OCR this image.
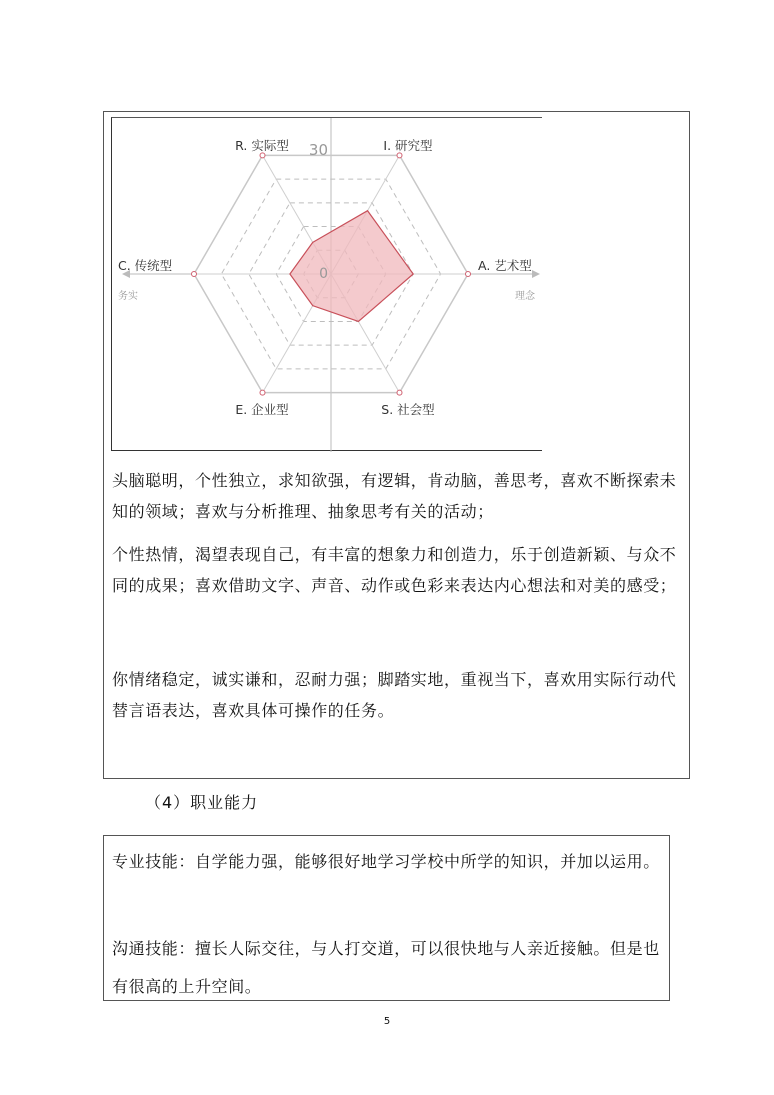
30
0
R. 实际型	I. 研究型
A. 艺术型
S. 社会型
E. 企业型
C. 传统型
务实	理念
头脑聪明，个性独立，求知欲强，有逻辑，肯动脑，善思考，喜欢不断探索未知的领域；喜欢与分析推理、抽象思考有关的活动；
个性热情，渴望表现自己，有丰富的想象力和创造力，乐于创造新颖、与众不同的成果；喜欢借助文字、声音、动作或色彩来表达内心想法和对美的感受；
你情绪稳定，诚实谦和，忍耐力强；脚踏实地，重视当下，喜欢用实际行动代替言语表达，喜欢具体可操作的任务。
（4）职业能力
专业技能：自学能力强，能够很好地学习学校中所学的知识，并加以运用。
沟通技能：擅长人际交往，与人打交道，可以很快地与人亲近接触。但是也有很高的上升空间。
5
